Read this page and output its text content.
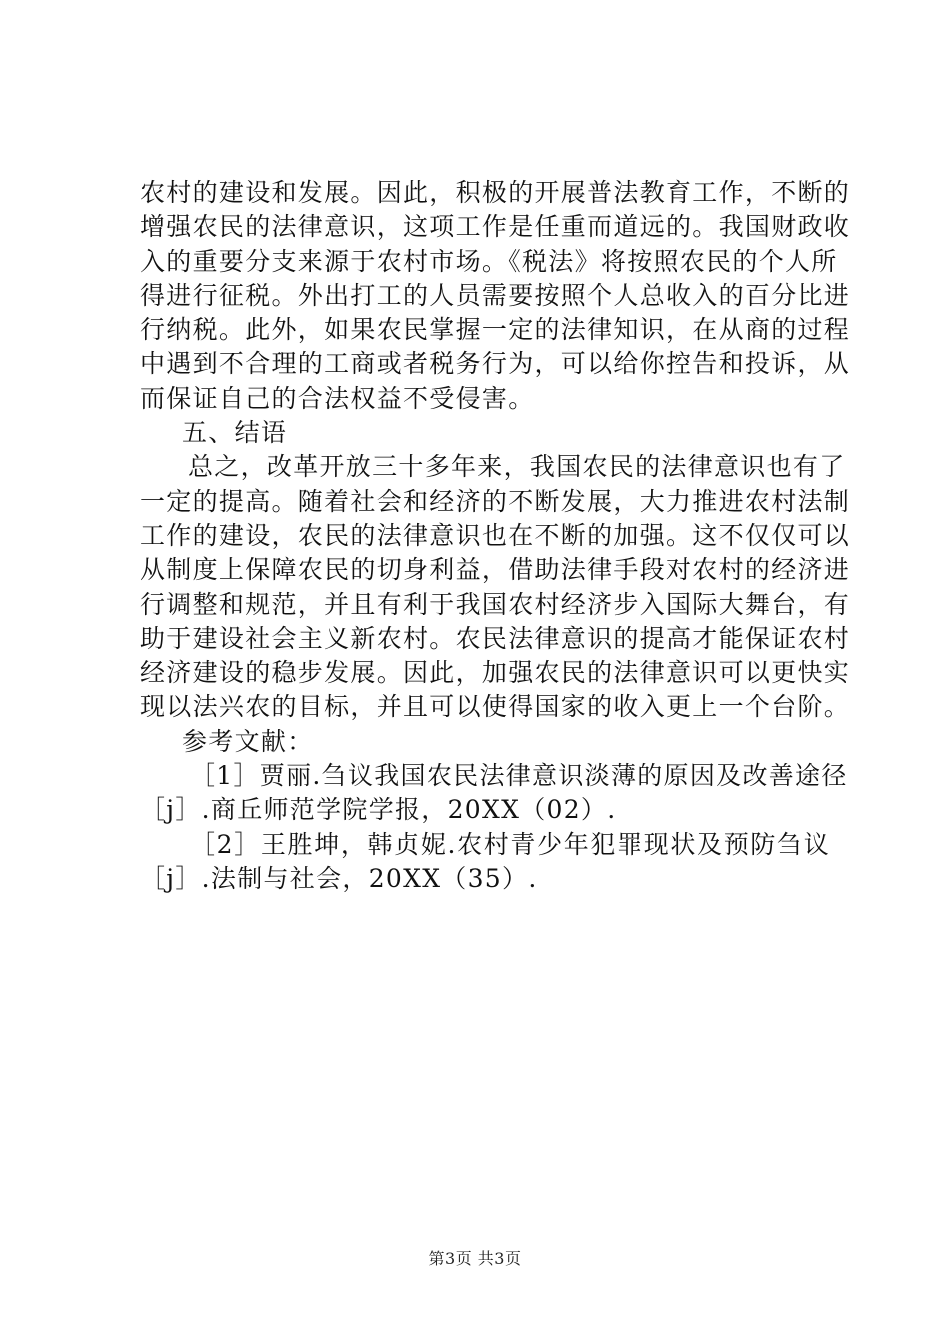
农村的建设和发展。因此，积极的开展普法教育工作，不断的
增强农民的法律意识，这项工作是任重而道远的。我国财政收
入的重要分支来源于农村市场。《税法》将按照农民的个人所
得进行征税。外出打工的人员需要按照个人总收入的百分比进
行纳税。此外，如果农民掌握一定的法律知识，在从商的过程
中遇到不合理的工商或者税务行为，可以给你控告和投诉，从
而保证自己的合法权益不受侵害。
五、结语
总之，改革开放三十多年来，我国农民的法律意识也有了
一定的提高。随着社会和经济的不断发展，大力推进农村法制
工作的建设，农民的法律意识也在不断的加强。这不仅仅可以
从制度上保障农民的切身利益，借助法律手段对农村的经济进
行调整和规范，并且有利于我国农村经济步入国际大舞台，有
助于建设社会主义新农村。农民法律意识的提高才能保证农村
经济建设的稳步发展。因此，加强农民的法律意识可以更快实
现以法兴农的目标，并且可以使得国家的收入更上一个台阶。
参考文献：
［1］贾丽.刍议我国农民法律意识淡薄的原因及改善途径
［j］.商丘师范学院学报，20XX（02）.
［2］王胜坤，韩贞妮.农村青少年犯罪现状及预防刍议
［j］.法制与社会，20XX（35）.
第3页 共3页
